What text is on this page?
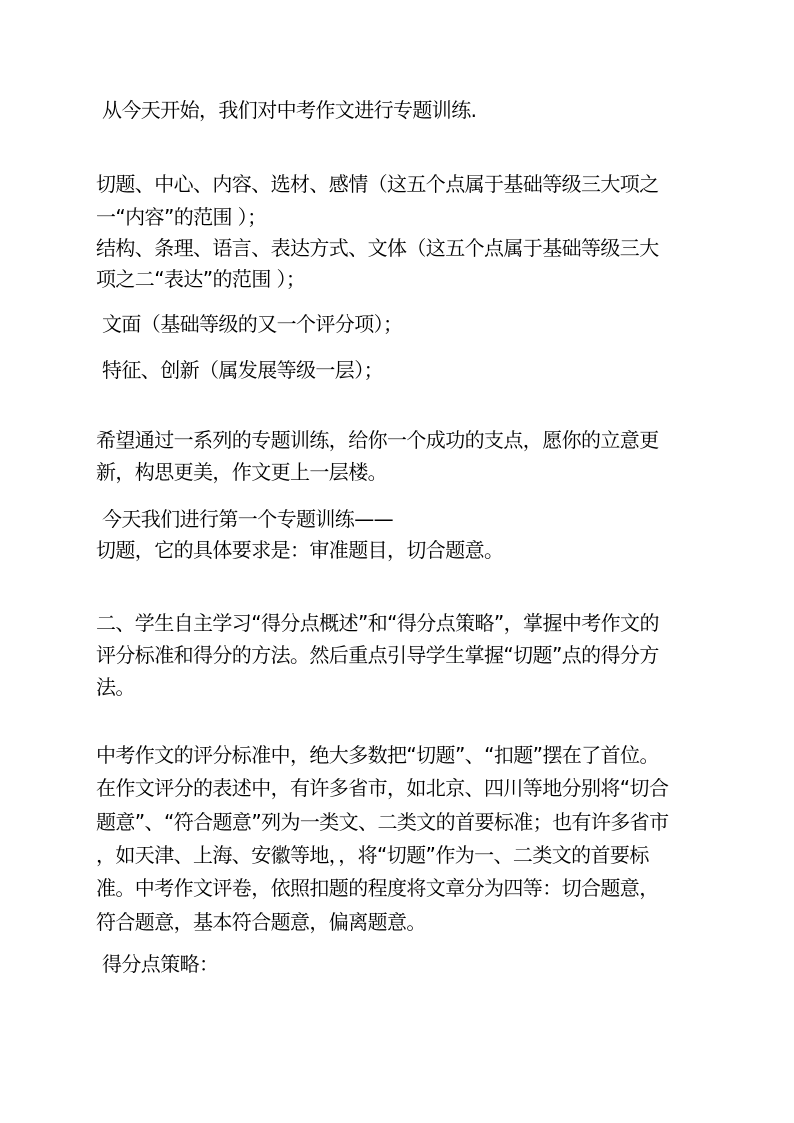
从今天开始，我们对中考作文进行专题训练.
切题、中心、内容、选材、感情（这五个点属于基础等级三大项之
一“内容”的范围 ）；
结构、条理、语言、表达方式、文体（这五个点属于基础等级三大
项之二“表达”的范围 ）；
文面（基础等级的又一个评分项）；
特征、创新（属发展等级一层）；
希望通过一系列的专题训练，给你一个成功的支点，愿你的立意更
新，构思更美，作文更上一层楼。
今天我们进行第一个专题训练——
切题，它的具体要求是：审准题目，切合题意。
二、学生自主学习“得分点概述”和“得分点策略”，掌握中考作文的
评分标准和得分的方法。然后重点引导学生掌握“切题”点的得分方
法。
中考作文的评分标准中，绝大多数把“切题”、“扣题”摆在了首位。
在作文评分的表述中，有许多省市，如北京、四川等地分别将“切合
题意”、“符合题意”列为一类文、二类文的首要标准；也有许多省市
，如天津、上海、安徽等地，，将“切题”作为一、二类文的首要标
准。中考作文评卷，依照扣题的程度将文章分为四等：切合题意，
符合题意，基本符合题意，偏离题意。
得分点策略：
